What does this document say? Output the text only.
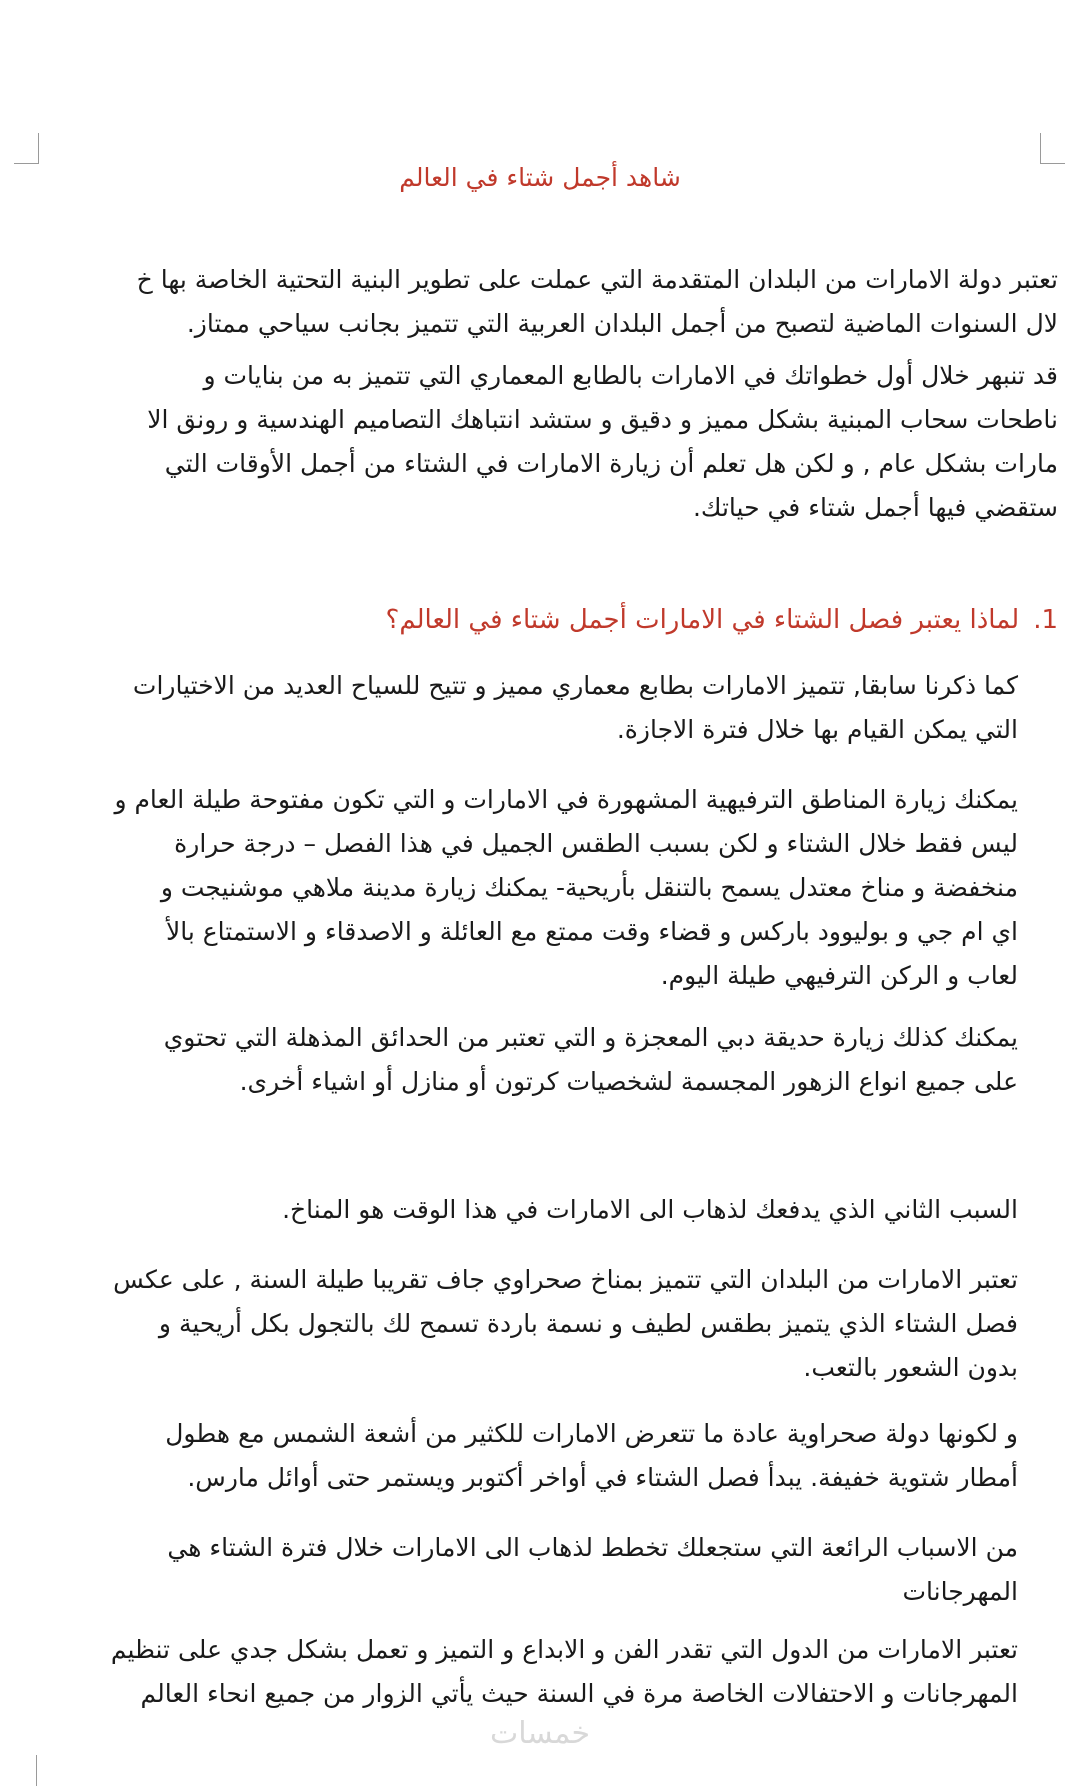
شاهد أجمل شتاء في العالم
تعتبر دولة الامارات من البلدان المتقدمة التي عملت على تطوير البنية التحتية الخاصة بها خ
لال السنوات الماضية لتصبح من أجمل البلدان العربية التي تتميز بجانب سياحي ممتاز.
قد تنبهر خلال أول خطواتك في الامارات بالطابع المعماري التي تتميز به من بنايات و
ناطحات سحاب المبنية بشكل مميز و دقيق و ستشد انتباهك التصاميم الهندسية و رونق الا
مارات بشكل عام , و لكن هل تعلم أن زيارة الامارات في الشتاء من أجمل الأوقات التي
ستقضي فيها أجمل شتاء في حياتك.
1.لماذا يعتبر فصل الشتاء في الامارات أجمل شتاء في العالم؟
كما ذكرنا سابقا, تتميز الامارات بطابع معماري مميز و تتيح للسياح العديد من الاختيارات
التي يمكن القيام بها خلال فترة الاجازة.
يمكنك زيارة المناطق الترفيهية المشهورة في الامارات و التي تكون مفتوحة طيلة العام و
ليس فقط خلال الشتاء و لكن بسبب الطقس الجميل في هذا الفصل – درجة حرارة
منخفضة و مناخ معتدل يسمح بالتنقل بأريحية- يمكنك زيارة مدينة ملاهي موشنيجت و
اي ام جي و بوليوود باركس و قضاء وقت ممتع مع العائلة و الاصدقاء و الاستمتاع بالأ
لعاب و الركن الترفيهي طيلة اليوم.
يمكنك كذلك زيارة حديقة دبي المعجزة و التي تعتبر من الحدائق المذهلة التي تحتوي
على جميع انواع الزهور المجسمة لشخصيات كرتون أو منازل أو اشياء أخرى.
السبب الثاني الذي يدفعك لذهاب الى الامارات في هذا الوقت هو المناخ.
تعتبر الامارات من البلدان التي تتميز بمناخ صحراوي جاف تقريبا طيلة السنة , على عكس
فصل الشتاء الذي يتميز بطقس لطيف و نسمة باردة تسمح لك بالتجول بكل أريحية و
بدون الشعور بالتعب.
و لكونها دولة صحراوية عادة ما تتعرض الامارات للكثير من أشعة الشمس مع هطول
أمطار شتوية خفيفة. يبدأ فصل الشتاء في أواخر أكتوبر ويستمر حتى أوائل مارس.
من الاسباب الرائعة التي ستجعلك تخطط لذهاب الى الامارات خلال فترة الشتاء هي
المهرجانات
تعتبر الامارات من الدول التي تقدر الفن و الابداع و التميز و تعمل بشكل جدي على تنظيم
المهرجانات و الاحتفالات الخاصة مرة في السنة حيث يأتي الزوار من جميع انحاء العالم
خمسات
